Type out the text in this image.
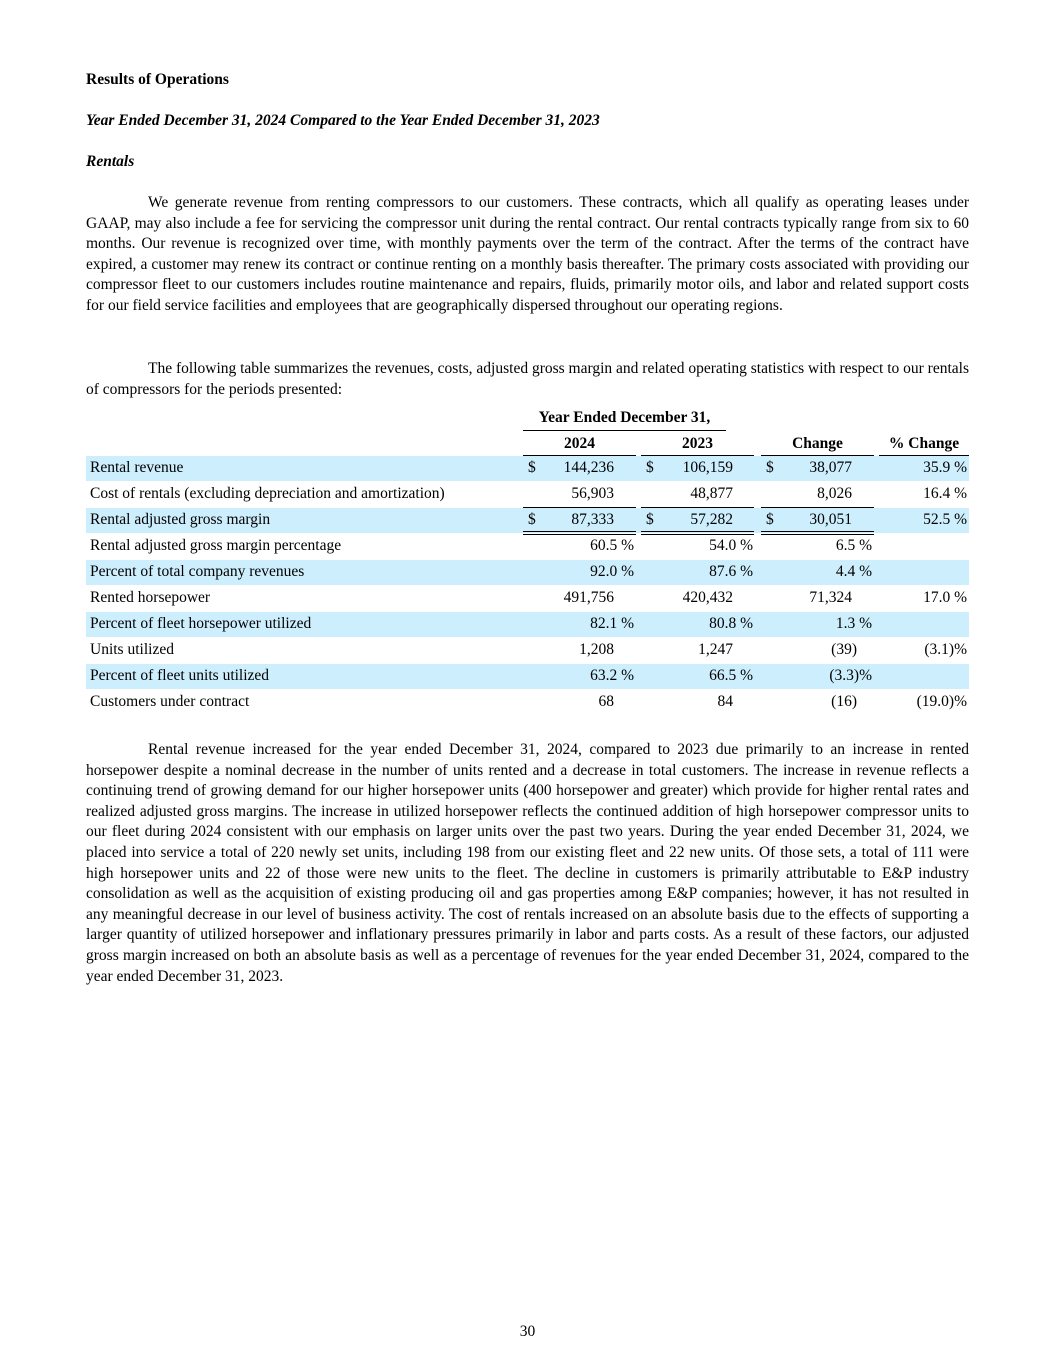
Results of Operations
Year Ended December 31, 2024 Compared to the Year Ended December 31, 2023
Rentals

We generate revenue from renting compressors to our customers. These contracts, which all qualify as operating leases under GAAP, may also include a fee for servicing the compressor unit during the rental contract. Our rental contracts typically range from six to 60 months. Our revenue is recognized over time, with monthly payments over the term of the contract. After the terms of the contract have expired, a customer may renew its contract or continue renting on a monthly basis thereafter. The primary costs associated with providing our compressor fleet to our customers includes routine maintenance and repairs, fluids, primarily motor oils, and labor and related support costs for our field service facilities and employees that are geographically dispersed throughout our operating regions.

The following table summarizes the revenues, costs, adjusted gross margin and related operating statistics with respect to our rentals of compressors for the periods presented:

Year Ended December 31,
2024	2023	Change	% Change
Rental revenue	$ 144,236 $ 106,159 $ 38,077	35.9 %
Cost of rentals (excluding depreciation and amortization)	56,903	48,877	8,026	16.4 %
Rental adjusted gross margin	$ 87,333 $ 57,282 $ 30,051	52.5 %
Rental adjusted gross margin percentage	60.5 %	54.0 %	6.5 %
Percent of total company revenues	92.0 %	87.6 %	4.4 %
Rented horsepower	491,756	420,432	71,324	17.0 %
Percent of fleet horsepower utilized	82.1 %	80.8 %	1.3 %
Units utilized	1,208	1,247	(39)	(3.1)%
Percent of fleet units utilized	63.2 %	66.5 %	(3.3)%
Customers under contract	68	84	(16)	(19.0)%

Rental revenue increased for the year ended December 31, 2024, compared to 2023 due primarily to an increase in rented horsepower despite a nominal decrease in the number of units rented and a decrease in total customers. The increase in revenue reflects a continuing trend of growing demand for our higher horsepower units (400 horsepower and greater) which provide for higher rental rates and realized adjusted gross margins. The increase in utilized horsepower reflects the continued addition of high horsepower compressor units to our fleet during 2024 consistent with our emphasis on larger units over the past two years. During the year ended December 31, 2024, we placed into service a total of 220 newly set units, including 198 from our existing fleet and 22 new units. Of those sets, a total of 111 were high horsepower units and 22 of those were new units to the fleet. The decline in customers is primarily attributable to E&P industry consolidation as well as the acquisition of existing producing oil and gas properties among E&P companies; however, it has not resulted in any meaningful decrease in our level of business activity. The cost of rentals increased on an absolute basis due to the effects of supporting a larger quantity of utilized horsepower and inflationary pressures primarily in labor and parts costs. As a result of these factors, our adjusted gross margin increased on both an absolute basis as well as a percentage of revenues for the year ended December 31, 2024, compared to the year ended December 31, 2023.

30
